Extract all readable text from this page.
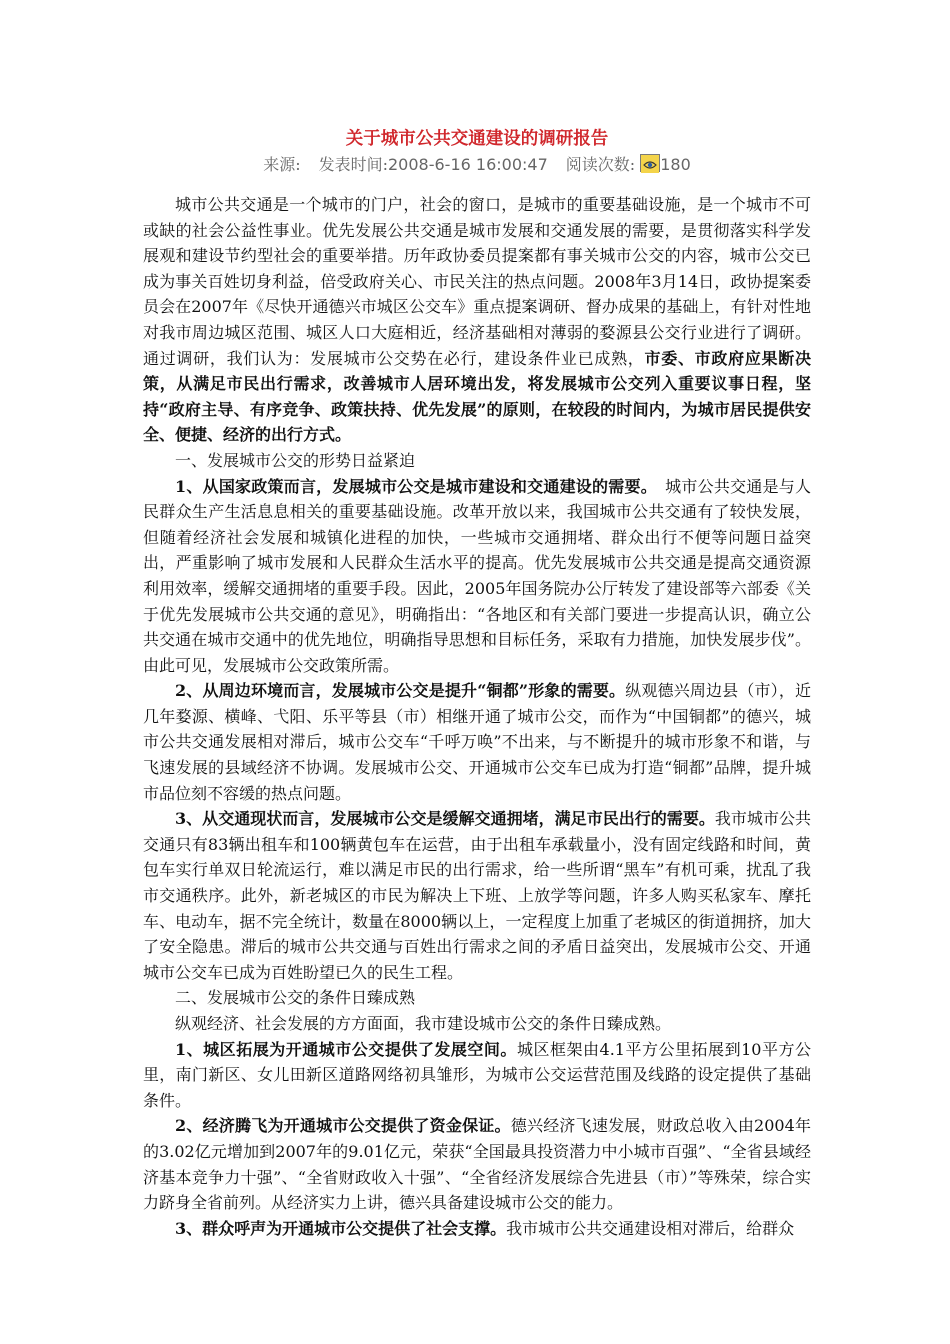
关于城市公共交通建设的调研报告
来源: 发表时间:2008-6-16 16:00:47 阅读次数: 180

城市公共交通是一个城市的门户，社会的窗口，是城市的重要基础设施，是一个城市不可或缺的社会公益性事业。优先发展公共交通是城市发展和交通发展的需要，是贯彻落实科学发展观和建设节约型社会的重要举措。历年政协委员提案都有事关城市公交的内容，城市公交已成为事关百姓切身利益，倍受政府关心、市民关注的热点问题。2008年3月14日，政协提案委员会在2007年《尽快开通德兴市城区公交车》重点提案调研、督办成果的基础上，有针对性地对我市周边城区范围、城区人口大庭相近，经济基础相对薄弱的婺源县公交行业进行了调研。通过调研，我们认为：发展城市公交势在必行，建设条件业已成熟，市委、市政府应果断决策，从满足市民出行需求，改善城市人居环境出发，将发展城市公交列入重要议事日程，坚持“政府主导、有序竞争、政策扶持、优先发展”的原则，在较段的时间内，为城市居民提供安全、便捷、经济的出行方式。

一、发展城市公交的形势日益紧迫

1、从国家政策而言，发展城市公交是城市建设和交通建设的需要。　城市公共交通是与人民群众生产生活息息相关的重要基础设施。改革开放以来，我国城市公共交通有了较快发展，但随着经济社会发展和城镇化进程的加快，一些城市交通拥堵、群众出行不便等问题日益突出，严重影响了城市发展和人民群众生活水平的提高。优先发展城市公共交通是提高交通资源利用效率，缓解交通拥堵的重要手段。因此，2005年国务院办公厅转发了建设部等六部委《关于优先发展城市公共交通的意见》，明确指出：“各地区和有关部门要进一步提高认识，确立公共交通在城市交通中的优先地位，明确指导思想和目标任务，采取有力措施，加快发展步伐”。由此可见，发展城市公交政策所需。

2、从周边环境而言，发展城市公交是提升“铜都”形象的需要。纵观德兴周边县（市），近几年婺源、横峰、弋阳、乐平等县（市）相继开通了城市公交，而作为“中国铜都”的德兴，城市公共交通发展相对滞后，城市公交车“千呼万唤”不出来，与不断提升的城市形象不和谐，与飞速发展的县域经济不协调。发展城市公交、开通城市公交车已成为打造“铜都”品牌，提升城市品位刻不容缓的热点问题。

3、从交通现状而言，发展城市公交是缓解交通拥堵，满足市民出行的需要。我市城市公共交通只有83辆出租车和100辆黄包车在运营，由于出租车承载量小，没有固定线路和时间，黄包车实行单双日轮流运行，难以满足市民的出行需求，给一些所谓“黑车”有机可乘，扰乱了我市交通秩序。此外，新老城区的市民为解决上下班、上放学等问题，许多人购买私家车、摩托车、电动车，据不完全统计，数量在8000辆以上，一定程度上加重了老城区的街道拥挤，加大了安全隐患。滞后的城市公共交通与百姓出行需求之间的矛盾日益突出，发展城市公交、开通城市公交车已成为百姓盼望已久的民生工程。

二、发展城市公交的条件日臻成熟

纵观经济、社会发展的方方面面，我市建设城市公交的条件日臻成熟。

1、城区拓展为开通城市公交提供了发展空间。城区框架由4.1平方公里拓展到10平方公里，南门新区、女儿田新区道路网络初具雏形，为城市公交运营范围及线路的设定提供了基础条件。

2、经济腾飞为开通城市公交提供了资金保证。德兴经济飞速发展，财政总收入由2004年的3.02亿元增加到2007年的9.01亿元，荣获“全国最具投资潜力中小城市百强”、“全省县域经济基本竞争力十强”、“全省财政收入十强”、“全省经济发展综合先进县（市）”等殊荣，综合实力跻身全省前列。从经济实力上讲，德兴具备建设城市公交的能力。

3、群众呼声为开通城市公交提供了社会支撑。我市城市公共交通建设相对滞后，给群众
